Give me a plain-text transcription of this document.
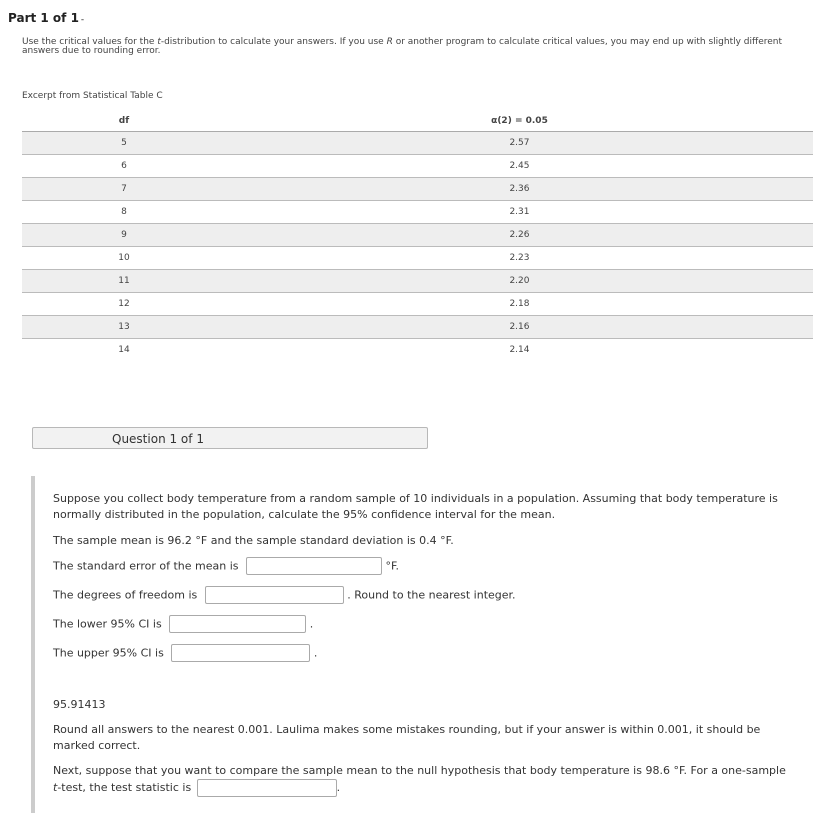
Part 1 of 1 -
Use the critical values for the t-distribution to calculate your answers. If you use R or another program to calculate critical values, you may end up with slightly different answers due to rounding error.
Excerpt from Statistical Table C
df	α(2) = 0.05
5	2.57
6	2.45
7	2.36
8	2.31
9	2.26
10	2.23
11	2.20
12	2.18
13	2.16
14	2.14
Question 1 of 1
Suppose you collect body temperature from a random sample of 10 individuals in a population. Assuming that body temperature is normally distributed in the population, calculate the 95% confidence interval for the mean.
The sample mean is 96.2 °F and the sample standard deviation is 0.4 °F.
The standard error of the mean is	°F.
The degrees of freedom is	. Round to the nearest integer.
The lower 95% CI is	.
The upper 95% CI is	.
95.91413
Round all answers to the nearest 0.001. Laulima makes some mistakes rounding, but if your answer is within 0.001, it should be marked correct.
Next, suppose that you want to compare the sample mean to the null hypothesis that body temperature is 98.6 °F. For a one-sample t-test, the test statistic is	.
